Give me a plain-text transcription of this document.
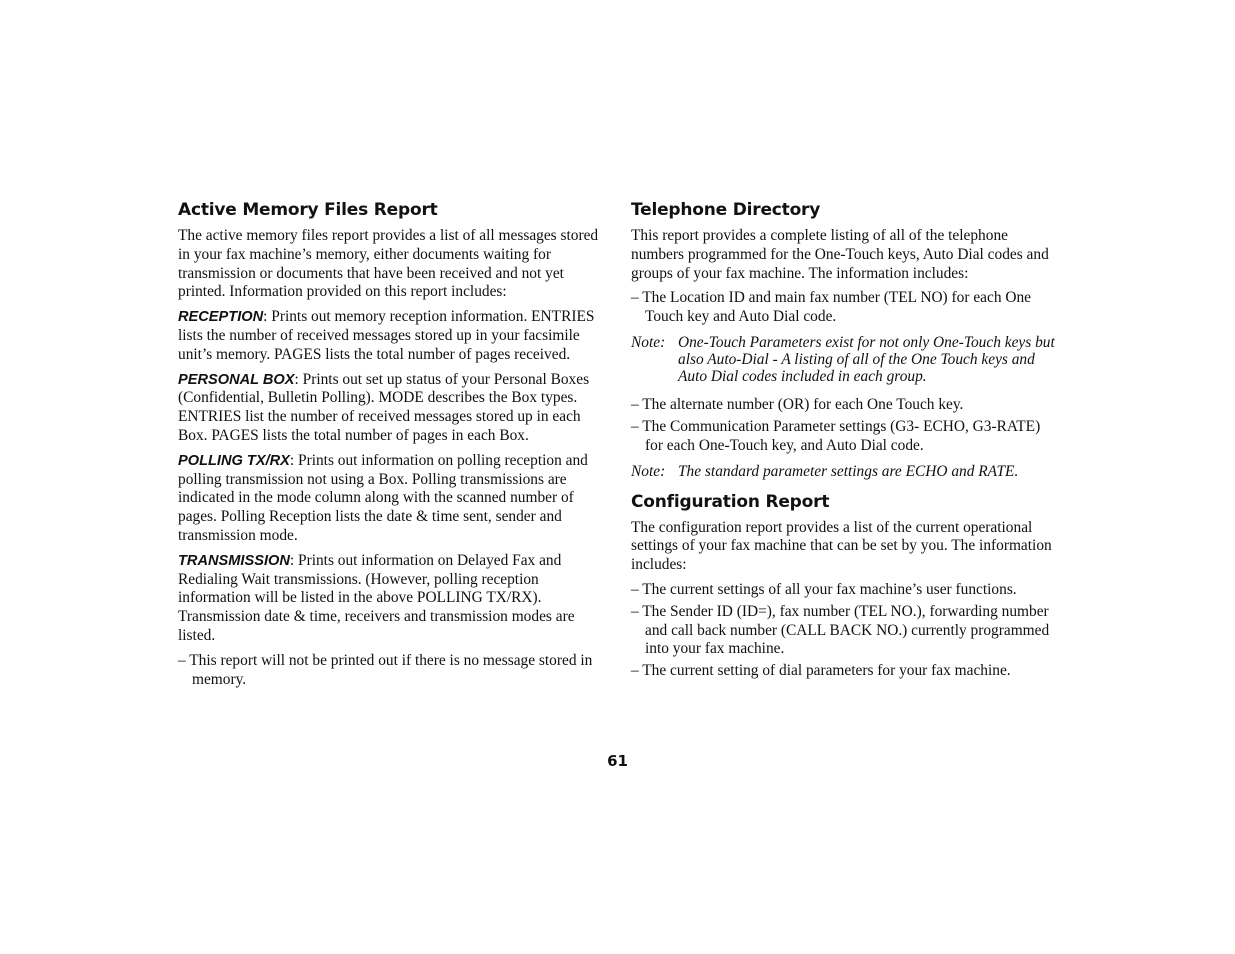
Active Memory Files Report

The active memory files report provides a list of all messages stored in your fax machine’s memory, either documents waiting for transmission or documents that have been received and not yet printed. Information provided on this report includes:

RECEPTION: Prints out memory reception information. ENTRIES lists the number of received messages stored up in your facsimile unit’s memory. PAGES lists the total number of pages received.

PERSONAL BOX: Prints out set up status of your Personal Boxes (Confidential, Bulletin Polling). MODE describes the Box types. ENTRIES list the number of received messages stored up in each Box. PAGES lists the total number of pages in each Box.

POLLING TX/RX: Prints out information on polling reception and polling transmission not using a Box. Polling transmissions are indicated in the mode column along with the scanned number of pages. Polling Reception lists the date & time sent, sender and transmission mode.

TRANSMISSION: Prints out information on Delayed Fax and Redialing Wait transmissions. (However, polling reception information will be listed in the above POLLING TX/RX). Transmission date & time, receivers and transmission modes are listed.

– This report will not be printed out if there is no message stored in memory.
Telephone Directory

This report provides a complete listing of all of the telephone numbers programmed for the One-Touch keys, Auto Dial codes and groups of your fax machine. The information includes:

– The Location ID and main fax number (TEL NO) for each One Touch key and Auto Dial code.
Note: One-Touch Parameters exist for not only One-Touch keys but also Auto-Dial - A listing of all of the One Touch keys and Auto Dial codes included in each group.
– The alternate number (OR) for each One Touch key.
– The Communication Parameter settings (G3- ECHO, G3-RATE) for each One-Touch key, and Auto Dial code.
Note: The standard parameter settings are ECHO and RATE.
Configuration Report

The configuration report provides a list of the current operational settings of your fax machine that can be set by you. The information includes:

– The current settings of all your fax machine’s user functions.
– The Sender ID (ID=), fax number (TEL NO.), forwarding number and call back number (CALL BACK NO.) currently programmed into your fax machine.
– The current setting of dial parameters for your fax machine.
61
